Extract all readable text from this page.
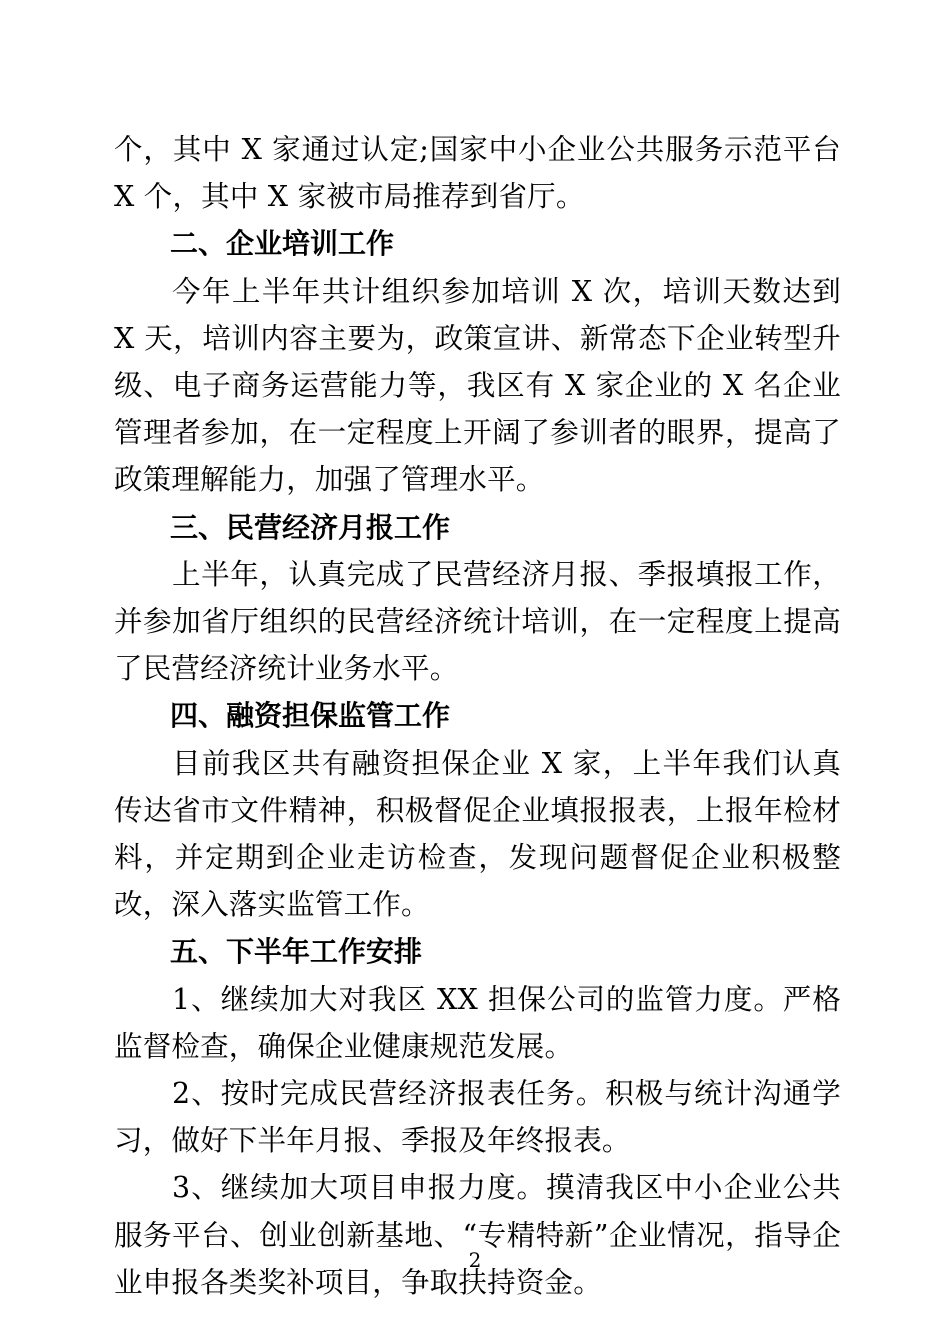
个，其中 X 家通过认定;国家中小企业公共服务示范平台 X 个，其中 X 家被市局推荐到省厅。

二、企业培训工作

今年上半年共计组织参加培训 X 次，培训天数达到 X 天，培训内容主要为，政策宣讲、新常态下企业转型升级、电子商务运营能力等，我区有 X 家企业的 X 名企业管理者参加，在一定程度上开阔了参训者的眼界，提高了政策理解能力，加强了管理水平。

三、民营经济月报工作

上半年，认真完成了民营经济月报、季报填报工作，并参加省厅组织的民营经济统计培训，在一定程度上提高了民营经济统计业务水平。

四、融资担保监管工作

目前我区共有融资担保企业 X 家，上半年我们认真传达省市文件精神，积极督促企业填报报表，上报年检材料，并定期到企业走访检查，发现问题督促企业积极整改，深入落实监管工作。

五、下半年工作安排

1、继续加大对我区 XX 担保公司的监管力度。严格监督检查，确保企业健康规范发展。

2、按时完成民营经济报表任务。积极与统计沟通学习，做好下半年月报、季报及年终报表。

3、继续加大项目申报力度。摸清我区中小企业公共服务平台、创业创新基地、“专精特新”企业情况，指导企业申报各类奖补项目，争取扶持资金。

2
